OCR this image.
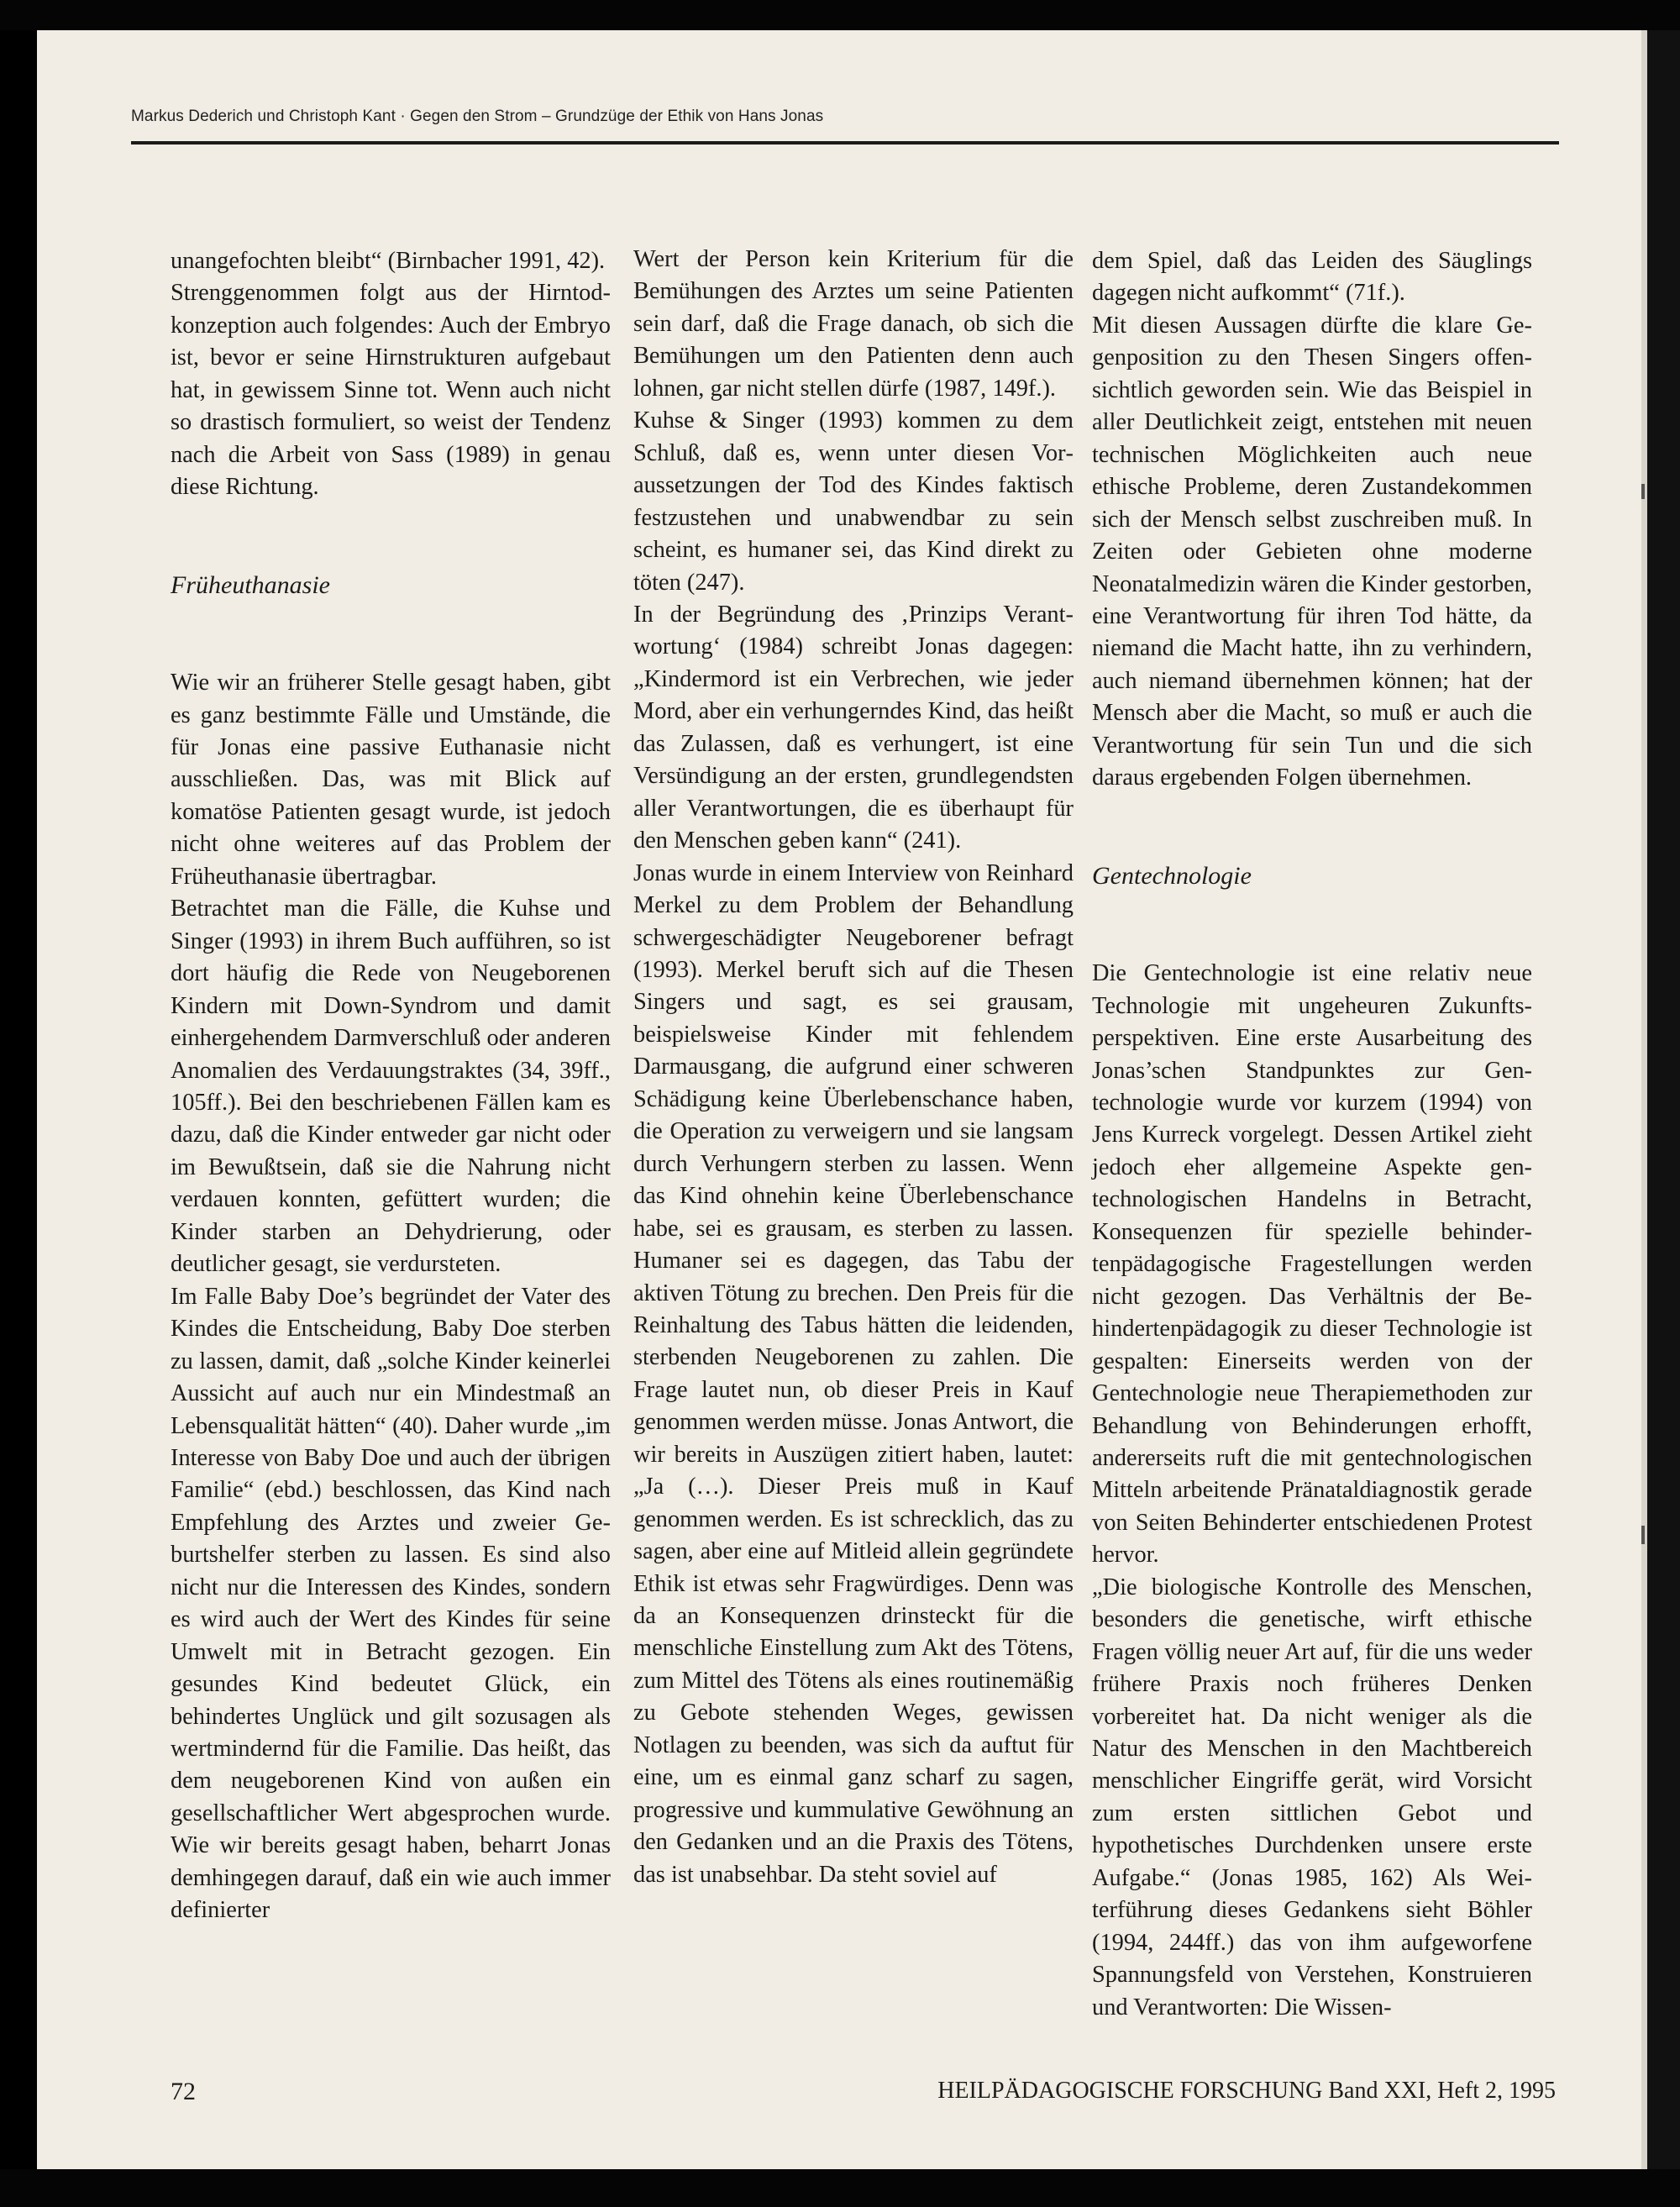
Markus Dederich und Christoph Kant · Gegen den Strom – Grundzüge der Ethik von Hans Jonas

unangefochten bleibt“ (Birnbacher 1991, 42).

Strenggenommen folgt aus der Hirntodkonzeption auch folgendes: Auch der Embryo ist, bevor er seine Hirnstrukturen aufgebaut hat, in gewissem Sinne tot. Wenn auch nicht so drastisch formuliert, so weist der Tendenz nach die Arbeit von Sass (1989) in genau diese Richtung.

Früheuthanasie

Wie wir an früherer Stelle gesagt haben, gibt es ganz bestimmte Fälle und Umstände, die für Jonas eine passive Euthanasie nicht ausschließen. Das, was mit Blick auf komatöse Patienten gesagt wurde, ist jedoch nicht ohne weiteres auf das Problem der Früheuthanasie übertragbar.

Betrachtet man die Fälle, die Kuhse und Singer (1993) in ihrem Buch aufführen, so ist dort häufig die Rede von Neugeborenen Kindern mit Down-Syndrom und damit einhergehendem Darmverschluß oder anderen Anomalien des Verdauungstraktes (34, 39ff., 105ff.). Bei den beschriebenen Fällen kam es dazu, daß die Kinder entweder gar nicht oder im Bewußtsein, daß sie die Nahrung nicht verdauen konnten, gefüttert wurden; die Kinder starben an Dehydrierung, oder deutlicher gesagt, sie verdursteten.

Im Falle Baby Doe’s begründet der Vater des Kindes die Entscheidung, Baby Doe sterben zu lassen, damit, daß „solche Kinder keinerlei Aussicht auf auch nur ein Mindestmaß an Lebensqualität hätten“ (40). Daher wurde „im Interesse von Baby Doe und auch der übrigen Familie“ (ebd.) beschlossen, das Kind nach Empfehlung des Arztes und zweier Geburtshelfer sterben zu lassen. Es sind also nicht nur die Interessen des Kindes, sondern es wird auch der Wert des Kindes für seine Umwelt mit in Betracht gezogen. Ein gesundes Kind bedeutet Glück, ein behindertes Unglück und gilt sozusagen als wertmindernd für die Familie. Das heißt, das dem neugeborenen Kind von außen ein gesellschaftlicher Wert abgesprochen wurde. Wie wir bereits gesagt haben, beharrt Jonas demhingegen darauf, daß ein wie auch immer definierter

Wert der Person kein Kriterium für die Bemühungen des Arztes um seine Patienten sein darf, daß die Frage danach, ob sich die Bemühungen um den Patienten denn auch lohnen, gar nicht stellen dürfe (1987, 149f.).

Kuhse & Singer (1993) kommen zu dem Schluß, daß es, wenn unter diesen Voraussetzungen der Tod des Kindes faktisch festzustehen und unabwendbar zu sein scheint, es humaner sei, das Kind direkt zu töten (247).

In der Begründung des ‚Prinzips Verantwortung‘ (1984) schreibt Jonas dagegen: „Kindermord ist ein Verbrechen, wie jeder Mord, aber ein verhungerndes Kind, das heißt das Zulassen, daß es verhungert, ist eine Versündigung an der ersten, grundlegendsten aller Verantwortungen, die es überhaupt für den Menschen geben kann“ (241).

Jonas wurde in einem Interview von Reinhard Merkel zu dem Problem der Behandlung schwergeschädigter Neugeborener befragt (1993). Merkel beruft sich auf die Thesen Singers und sagt, es sei grausam, beispielsweise Kinder mit fehlendem Darmausgang, die aufgrund einer schweren Schädigung keine Überlebenschance haben, die Operation zu verweigern und sie langsam durch Verhungern sterben zu lassen. Wenn das Kind ohnehin keine Überlebenschance habe, sei es grausam, es sterben zu lassen. Humaner sei es dagegen, das Tabu der aktiven Tötung zu brechen. Den Preis für die Reinhaltung des Tabus hätten die leidenden, sterbenden Neugeborenen zu zahlen. Die Frage lautet nun, ob dieser Preis in Kauf genommen werden müsse. Jonas Antwort, die wir bereits in Auszügen zitiert haben, lautet: „Ja (…). Dieser Preis muß in Kauf genommen werden. Es ist schrecklich, das zu sagen, aber eine auf Mitleid allein gegründete Ethik ist etwas sehr Fragwürdiges. Denn was da an Konsequenzen drinsteckt für die menschliche Einstellung zum Akt des Tötens, zum Mittel des Tötens als eines routinemäßig zu Gebote stehenden Weges, gewissen Notlagen zu beenden, was sich da auftut für eine, um es einmal ganz scharf zu sagen, progressive und kummulative Gewöhnung an den Gedanken und an die Praxis des Tötens, das ist unabsehbar. Da steht soviel auf

dem Spiel, daß das Leiden des Säuglings dagegen nicht aufkommt“ (71f.).

Mit diesen Aussagen dürfte die klare Gegenposition zu den Thesen Singers offensichtlich geworden sein. Wie das Beispiel in aller Deutlichkeit zeigt, entstehen mit neuen technischen Möglichkeiten auch neue ethische Probleme, deren Zustandekommen sich der Mensch selbst zuschreiben muß. In Zeiten oder Gebieten ohne moderne Neonatalmedizin wären die Kinder gestorben, eine Verantwortung für ihren Tod hätte, da niemand die Macht hatte, ihn zu verhindern, auch niemand übernehmen können; hat der Mensch aber die Macht, so muß er auch die Verantwortung für sein Tun und die sich daraus ergebenden Folgen übernehmen.

Gentechnologie

Die Gentechnologie ist eine relativ neue Technologie mit ungeheuren Zukunftsperspektiven. Eine erste Ausarbeitung des Jonas’schen Standpunktes zur Gentechnologie wurde vor kurzem (1994) von Jens Kurreck vorgelegt. Dessen Artikel zieht jedoch eher allgemeine Aspekte gentechnologischen Handelns in Betracht, Konsequenzen für spezielle behindertenpädagogische Fragestellungen werden nicht gezogen. Das Verhältnis der Behindertenpädagogik zu dieser Technologie ist gespalten: Einerseits werden von der Gentechnologie neue Therapiemethoden zur Behandlung von Behinderungen erhofft, andererseits ruft die mit gentechnologischen Mitteln arbeitende Pränataldiagnostik gerade von Seiten Behinderter entschiedenen Protest hervor.

„Die biologische Kontrolle des Menschen, besonders die genetische, wirft ethische Fragen völlig neuer Art auf, für die uns weder frühere Praxis noch früheres Denken vorbereitet hat. Da nicht weniger als die Natur des Menschen in den Machtbereich menschlicher Eingriffe gerät, wird Vorsicht zum ersten sittlichen Gebot und hypothetisches Durchdenken unsere erste Aufgabe.“ (Jonas 1985, 162) Als Weiterführung dieses Gedankens sieht Böhler (1994, 244ff.) das von ihm aufgeworfene Spannungsfeld von Verstehen, Konstruieren und Verantworten: Die Wissen-

72	HEILPÄDAGOGISCHE FORSCHUNG Band XXI, Heft 2, 1995
